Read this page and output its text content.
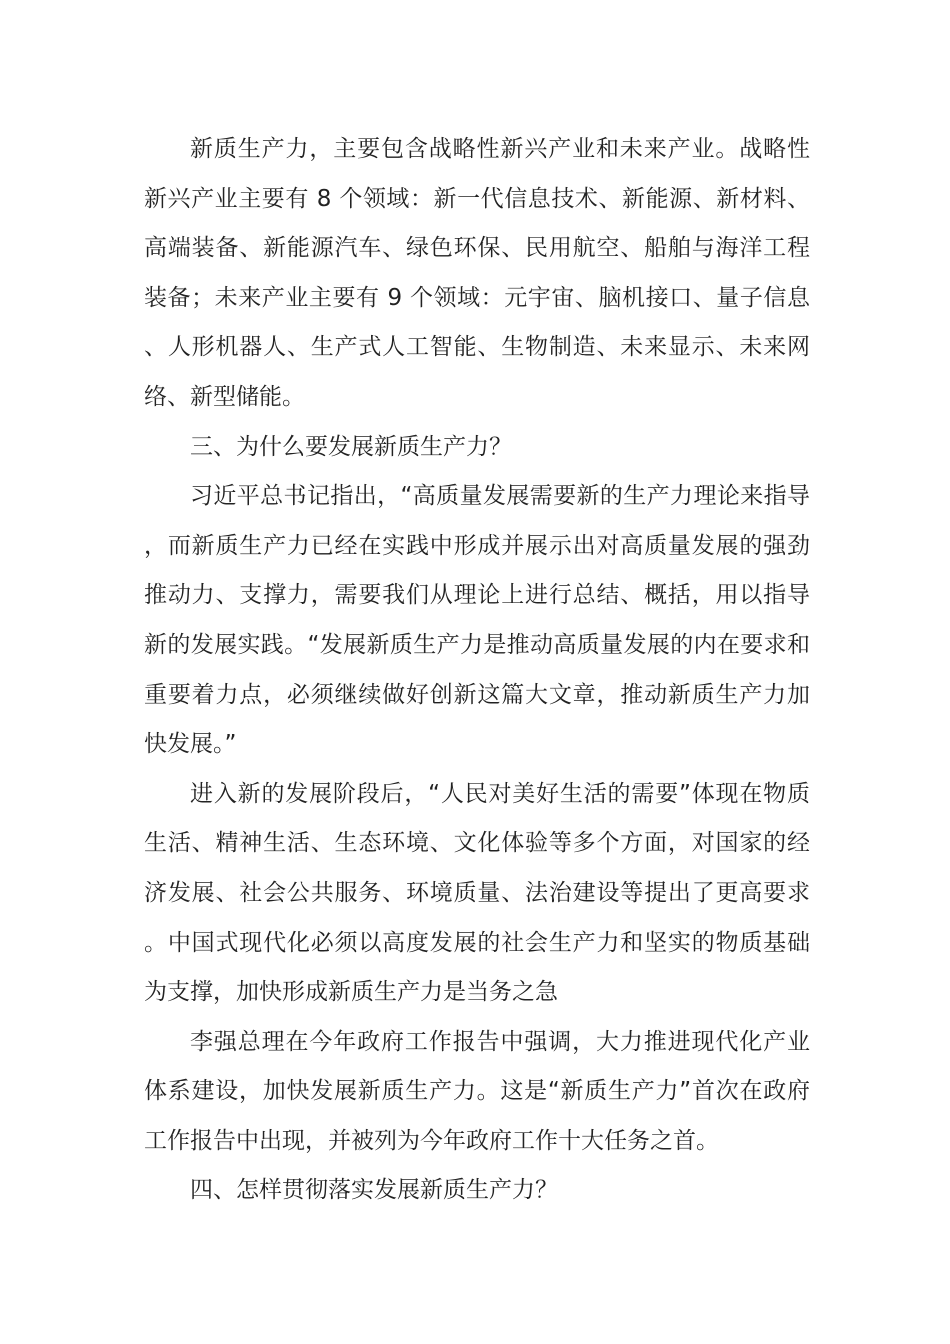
新质生产力，主要包含战略性新兴产业和未来产业。战略性新兴产业主要有 8 个领域：新一代信息技术、新能源、新材料、高端装备、新能源汽车、绿色环保、民用航空、船舶与海洋工程装备；未来产业主要有 9 个领域：元宇宙、脑机接口、量子信息、人形机器人、生产式人工智能、生物制造、未来显示、未来网络、新型储能。

三、为什么要发展新质生产力？

习近平总书记指出，“高质量发展需要新的生产力理论来指导，而新质生产力已经在实践中形成并展示出对高质量发展的强劲推动力、支撑力，需要我们从理论上进行总结、概括，用以指导新的发展实践。“发展新质生产力是推动高质量发展的内在要求和重要着力点，必须继续做好创新这篇大文章，推动新质生产力加快发展。”

进入新的发展阶段后，“人民对美好生活的需要”体现在物质生活、精神生活、生态环境、文化体验等多个方面，对国家的经济发展、社会公共服务、环境质量、法治建设等提出了更高要求。中国式现代化必须以高度发展的社会生产力和坚实的物质基础为支撑，加快形成新质生产力是当务之急

李强总理在今年政府工作报告中强调，大力推进现代化产业体系建设，加快发展新质生产力。这是“新质生产力”首次在政府工作报告中出现，并被列为今年政府工作十大任务之首。

四、怎样贯彻落实发展新质生产力？
